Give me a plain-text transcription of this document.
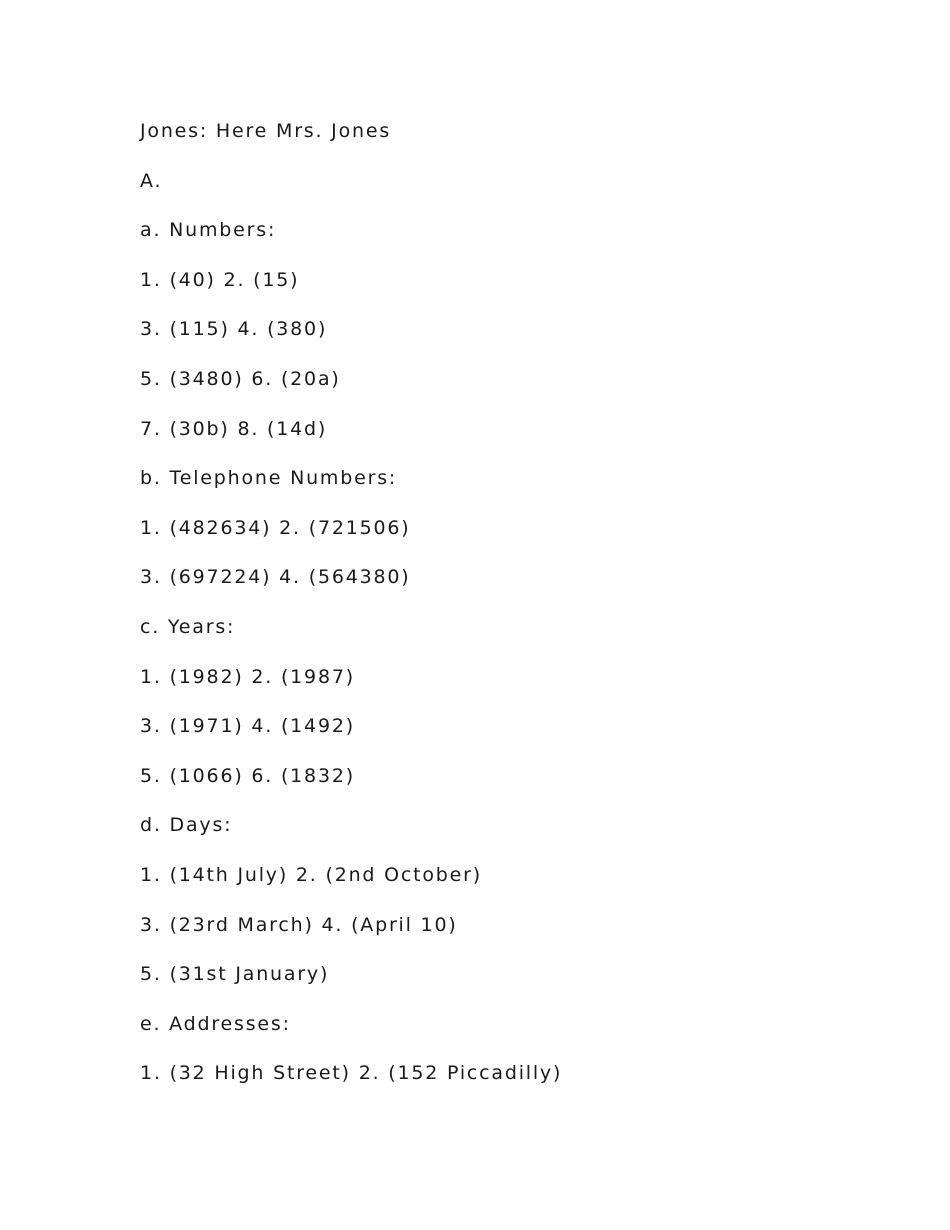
Jones: Here Mrs. Jones
A.
a. Numbers:
1. (40) 2. (15)
3. (115) 4. (380)
5. (3480) 6. (20a)
7. (30b) 8. (14d)
b. Telephone Numbers:
1. (482634) 2. (721506)
3. (697224) 4. (564380)
c. Years:
1. (1982) 2. (1987)
3. (1971) 4. (1492)
5. (1066) 6. (1832)
d. Days:
1. (14th July) 2. (2nd October)
3. (23rd March) 4. (April 10)
5. (31st January)
e. Addresses:
1. (32 High Street) 2. (152 Piccadilly)
